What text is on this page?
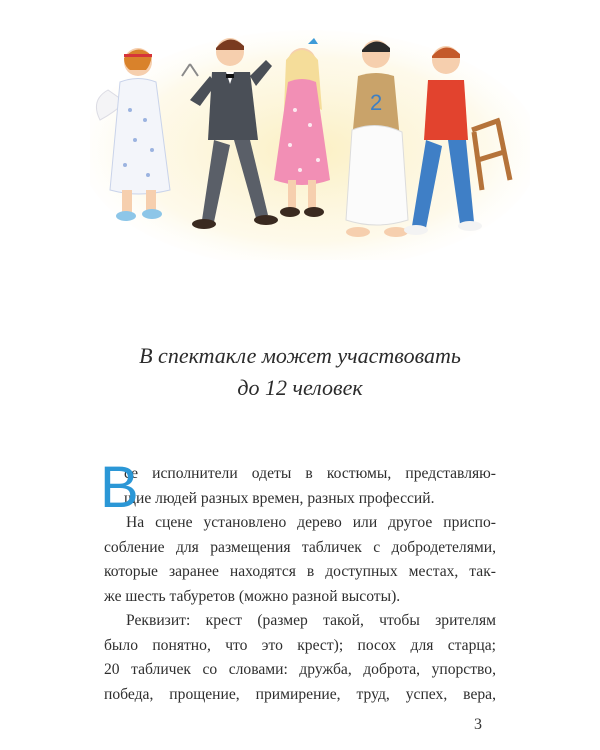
2
В спектакле может участвовать
до 12 человек
В
се исполнители одеты в костюмы, представляю-
щие людей разных времен, разных профессий.
На сцене установлено дерево или другое приспо-
собление для размещения табличек с добродетелями,
которые заранее находятся в доступных местах, так-
же шесть табуретов (можно разной высоты).
Реквизит: крест (размер такой, чтобы зрителям
было понятно, что это крест); посох для старца;
20 табличек со словами: дружба, доброта, упорство,
победа, прощение, примирение, труд, успех, вера,
3
